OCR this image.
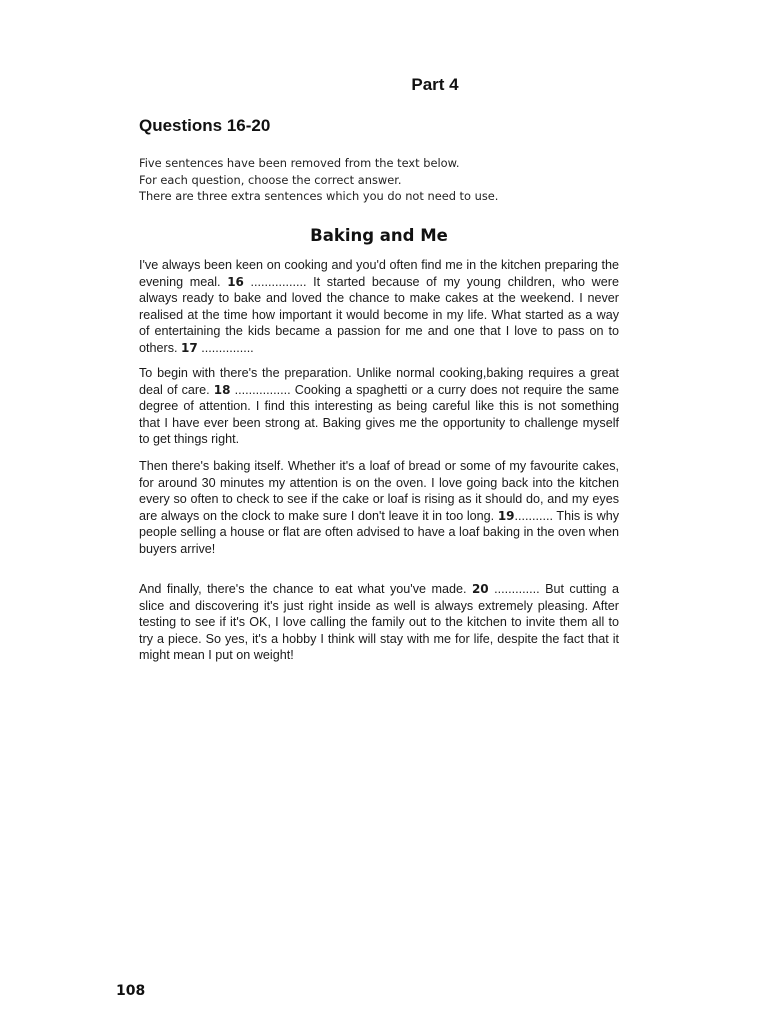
Part 4
Questions 16-20
Five sentences have been removed from the text below.
For each question, choose the correct answer.
There are three extra sentences which you do not need to use.
Baking and Me

I've always been keen on cooking and you'd often find me in the kitchen preparing the evening meal. 16 ................ It started because of my young children, who were always ready to bake and loved the chance to make cakes at the weekend. I never realised at the time how important it would become in my life. What started as a way of entertaining the kids became a passion for me and one that I love to pass on to others. 17 ...............

To begin with there's the preparation. Unlike normal cooking,baking requires a great deal of care. 18 ................ Cooking a spaghetti or a curry does not require the same degree of attention. I find this interesting as being careful like this is not something that I have ever been strong at. Baking gives me the opportunity to challenge myself to get things right.

Then there's baking itself. Whether it's a loaf of bread or some of my favourite cakes, for around 30 minutes my attention is on the oven. I love going back into the kitchen every so often to check to see if the cake or loaf is rising as it should do, and my eyes are always on the clock to make sure I don't leave it in too long. 19........... This is why people selling a house or flat are often advised to have a loaf baking in the oven when buyers arrive!

And finally, there's the chance to eat what you've made. 20 ............. But cutting a slice and discovering it's just right inside as well is always extremely pleasing. After testing to see if it's OK, I love calling the family out to the kitchen to invite them all to try a piece. So yes, it's a hobby I think will stay with me for life, despite the fact that it might mean I put on weight!

108
